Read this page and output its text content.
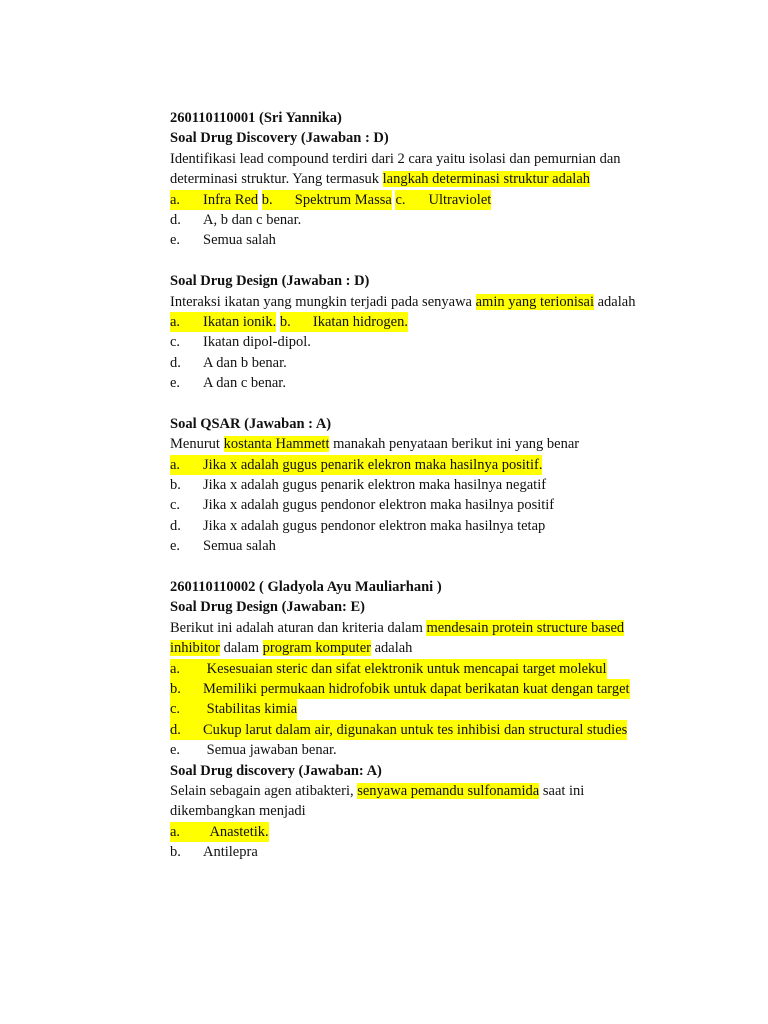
260110110001 (Sri Yannika)
Soal Drug Discovery (Jawaban : D)
Identifikasi lead compound terdiri dari 2 cara yaitu isolasi dan pemurnian dan
determinasi struktur. Yang termasuk langkah determinasi struktur adalah
a. Infra Red b. Spektrum Massa c. Ultraviolet
d.	A, b dan c benar.
e.	Semua salah
Soal Drug Design (Jawaban : D)
Interaksi ikatan yang mungkin terjadi pada senyawa amin yang terionisai adalah
a. Ikatan ionik. b. Ikatan hidrogen.
c.	Ikatan dipol-dipol.
d.	A dan b benar.
e.	A dan c benar.
Soal QSAR (Jawaban : A)
Menurut kostanta Hammett manakah penyataan berikut ini yang benar
a. Jika x adalah gugus penarik elekron maka hasilnya positif.
b.	Jika x adalah gugus penarik elektron maka hasilnya negatif
c.	Jika x adalah gugus pendonor elektron maka hasilnya positif
d.	Jika x adalah gugus pendonor elektron maka hasilnya tetap
e.	Semua salah
260110110002 ( Gladyola Ayu Mauliarhani )
Soal Drug Design (Jawaban: E)
Berikut ini adalah aturan dan kriteria dalam mendesain protein structure based
inhibitor dalam program komputer adalah
a. Kesesuaian steric dan sifat elektronik untuk mencapai target molekul b. Memiliki permukaan hidrofobik untuk dapat berikatan kuat dengan target c. Stabilitas kimia d. Cukup larut dalam air, digunakan untuk tes inhibisi dan structural studies
e.	Semua jawaban benar.
Soal Drug discovery (Jawaban: A)
Selain sebagain agen atibakteri, senyawa pemandu sulfonamida saat ini
dikembangkan menjadi
a.  Anastetik.
b.	Antilepra
